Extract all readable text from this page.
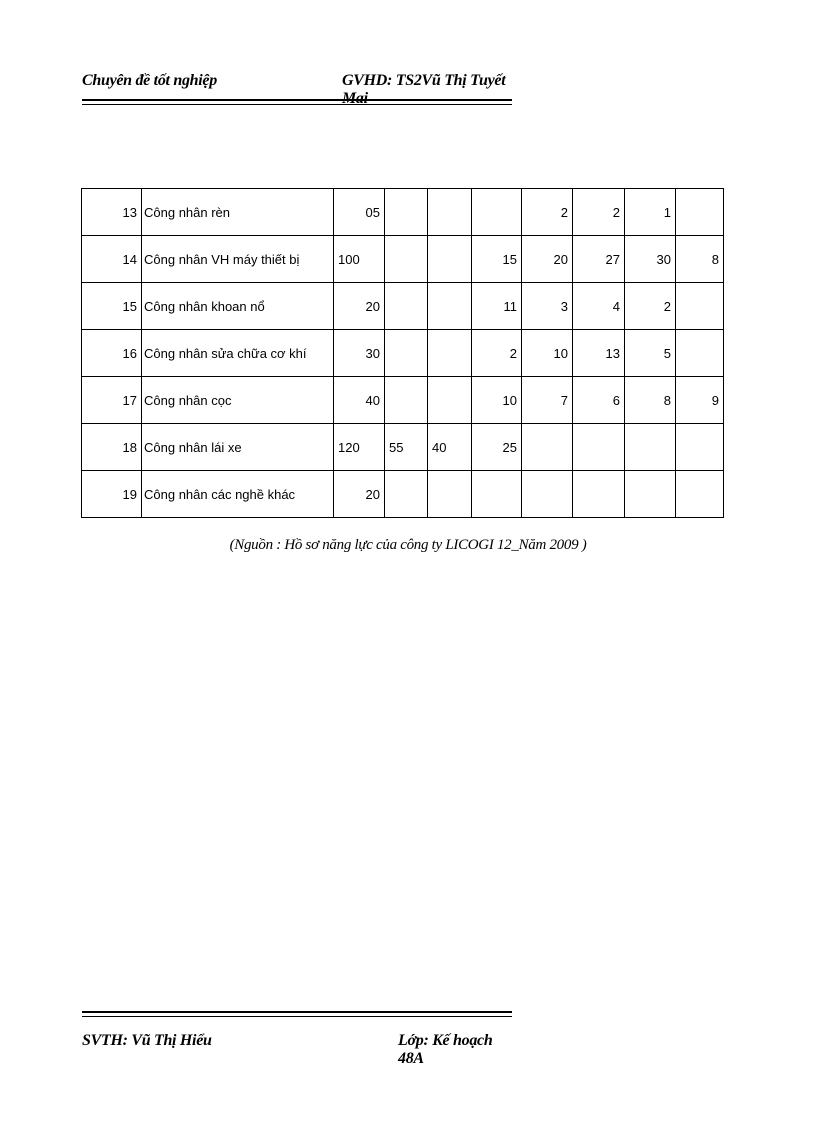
Chuyên đề tốt nghiệp	GVHD: TS2Vũ Thị Tuyết Mai
13	Công nhân rèn	05				2	2	1	
14	Công nhân VH máy thiết bị	100			15	20	27	30	8
15	Công nhân khoan nổ	20			11	3	4	2	
16	Công nhân sửa chữa cơ khí	30			2	10	13	5	
17	Công nhân cọc	40			10	7	6	8	9
18	Công nhân lái xe	120	55	40	25				
19	Công nhân các nghề khác	20							
(Nguồn : Hồ sơ năng lực của công ty LICOGI 12_Năm 2009 )
SVTH: Vũ Thị Hiểu	Lớp: Kế hoạch 48A
